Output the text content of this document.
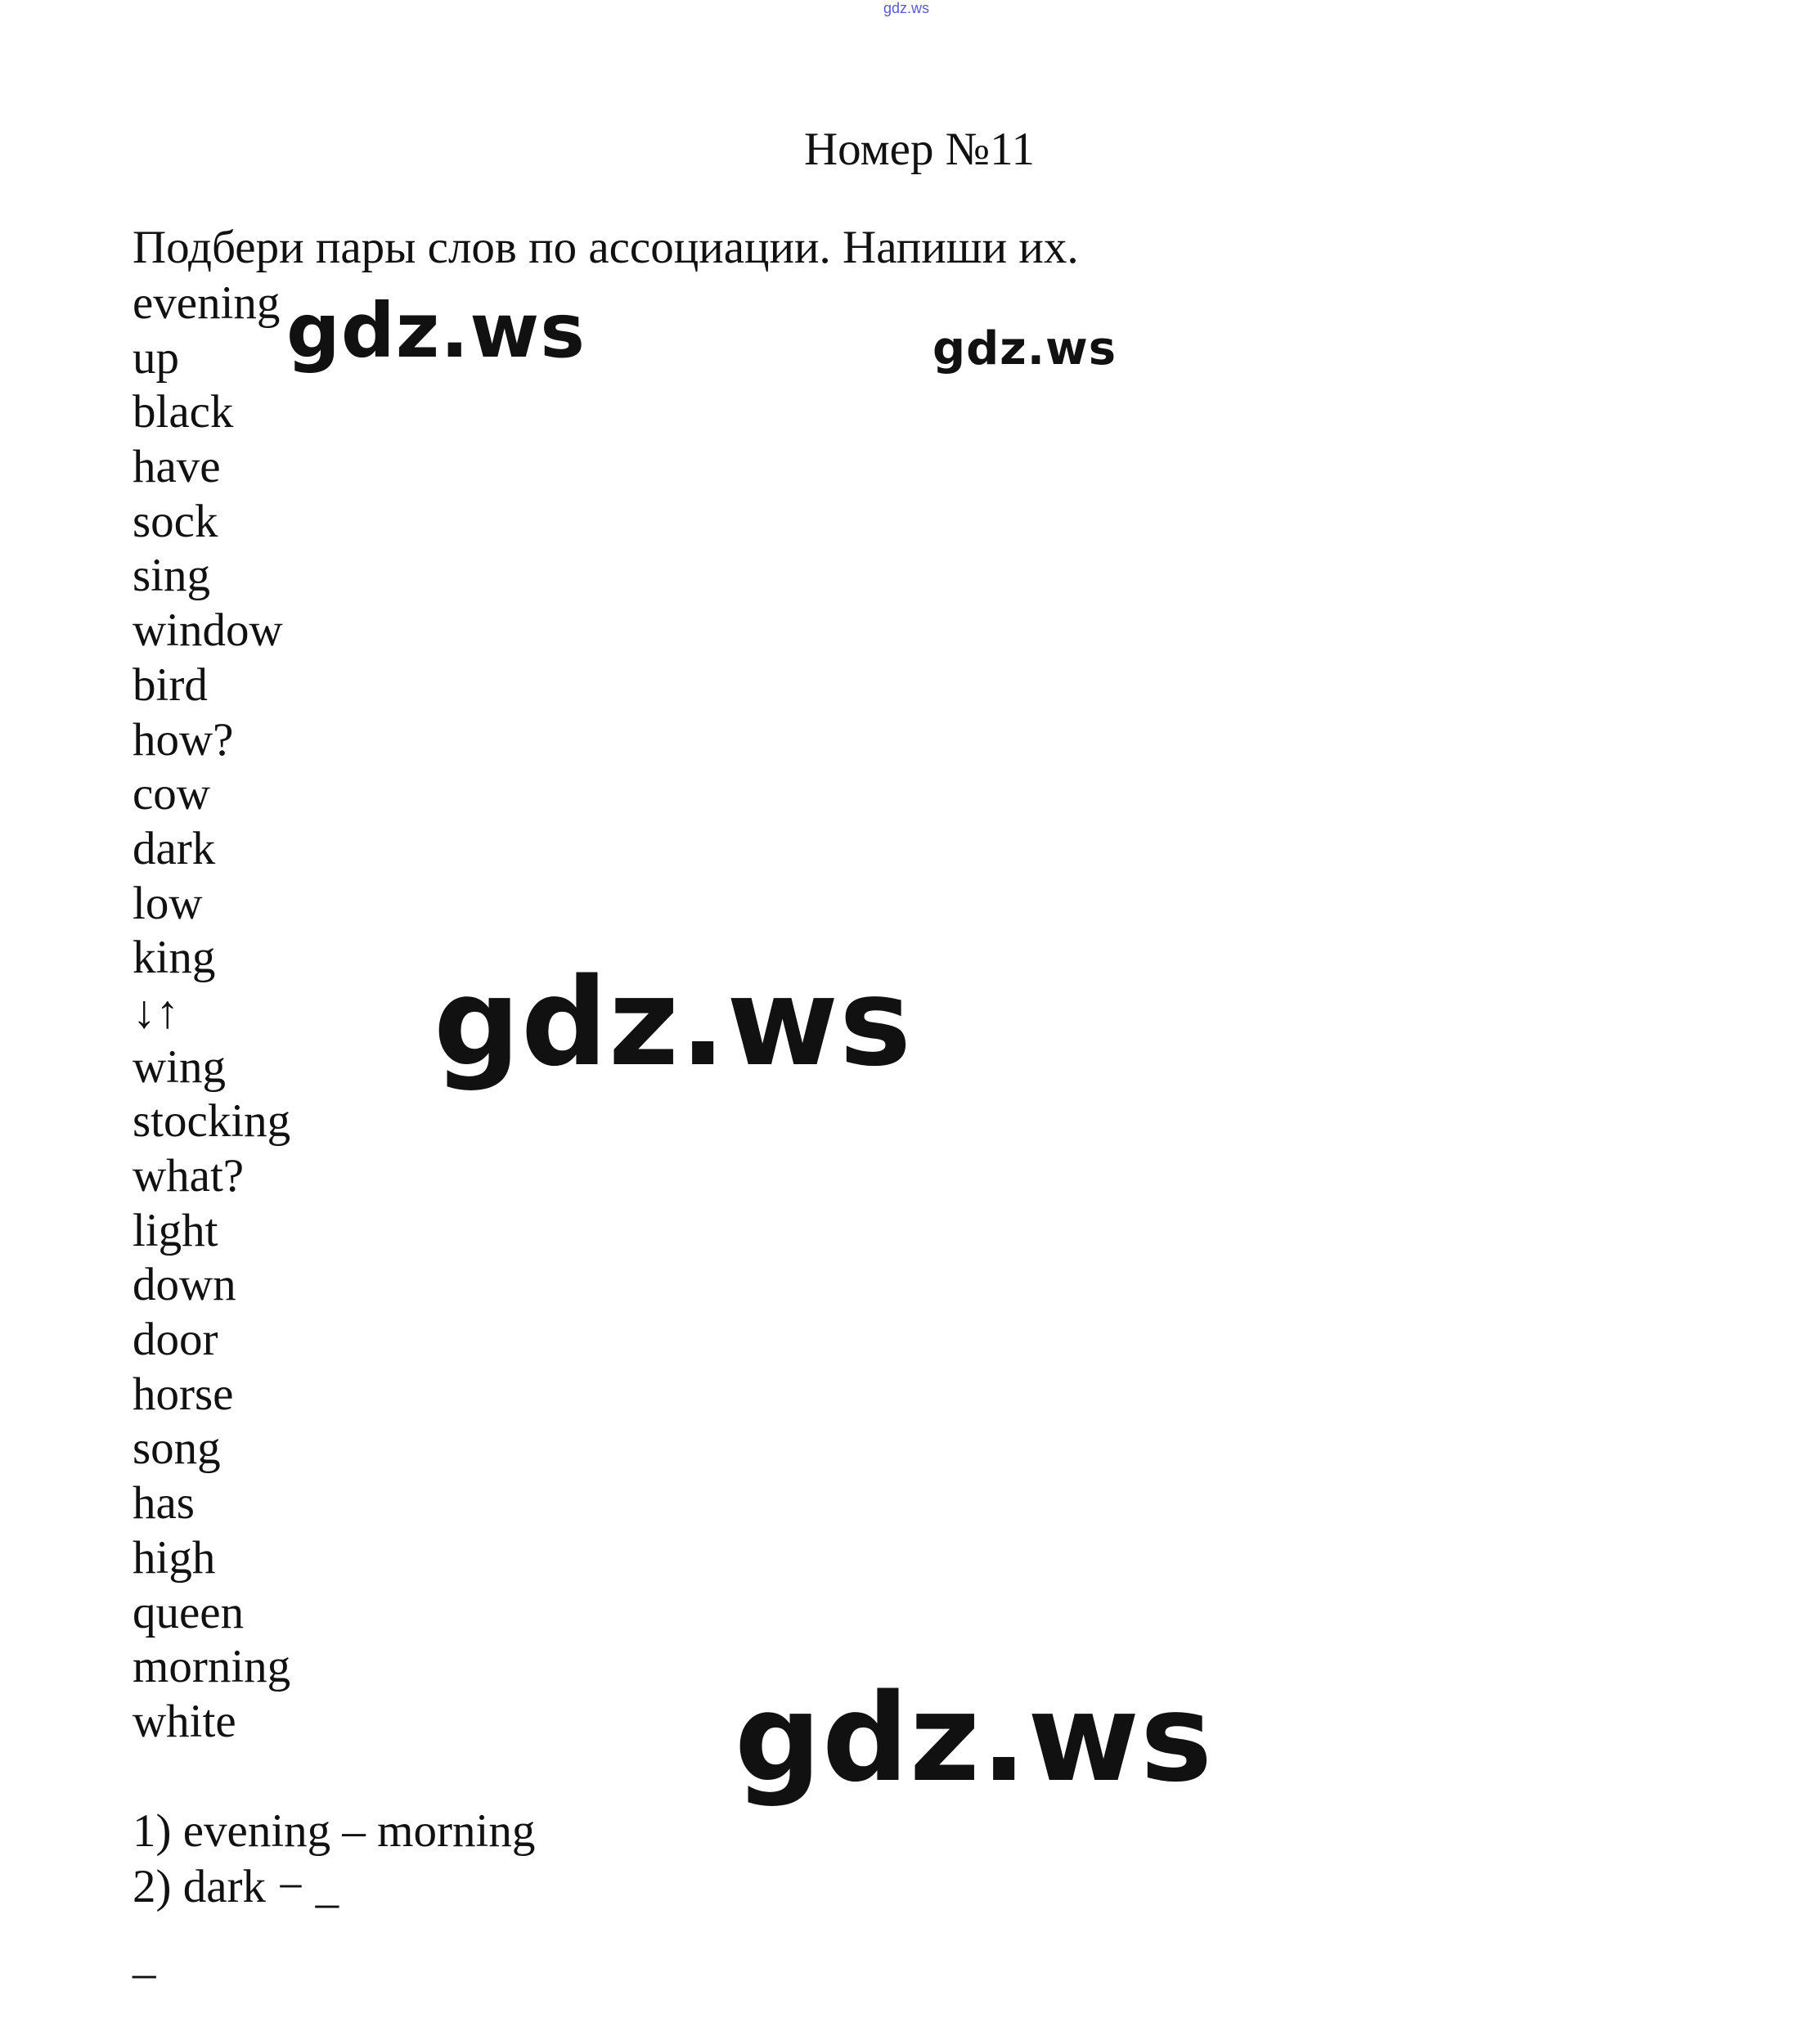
gdz.ws
Номер №11
Подбери пары слов по ассоциации. Напиши их.
evening
up
black
have
sock
sing
window
bird
how?
cow
dark
low
king
↓↑
wing
stocking
what?
light
down
door
horse
song
has
high
queen
morning
white
1) evening – morning
2) dark − _
_
gdz.ws	gdz.ws
gdz.ws
gdz.ws
